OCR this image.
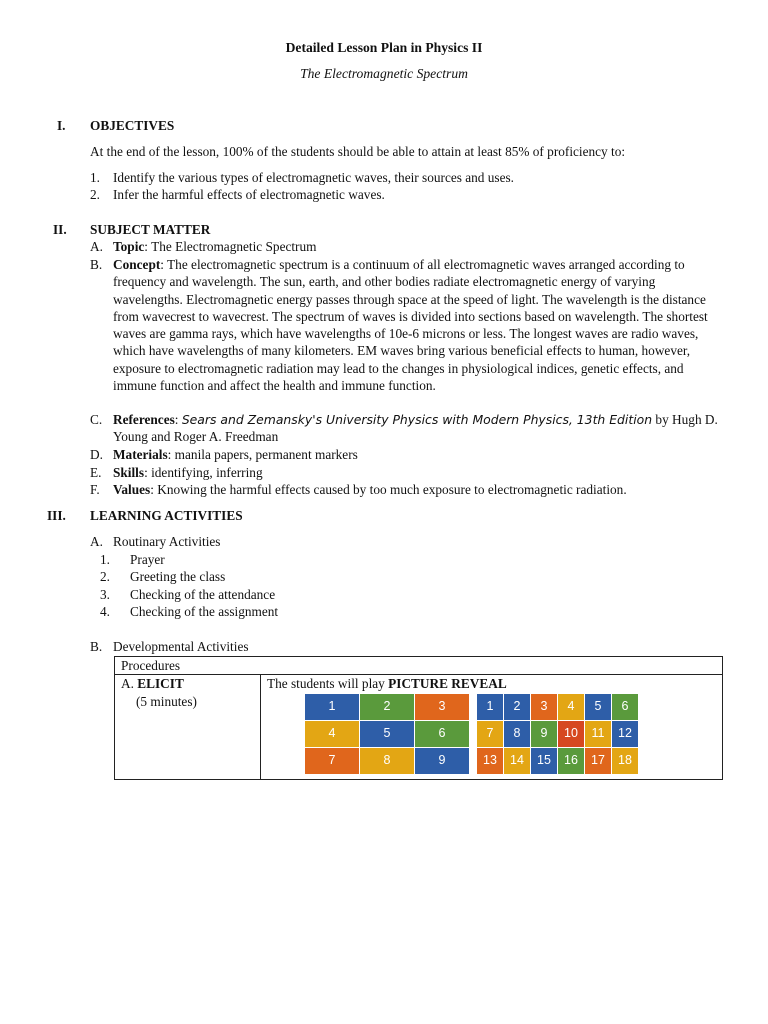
Detailed Lesson Plan in Physics II
The Electromagnetic Spectrum
I. OBJECTIVES
At the end of the lesson, 100% of the students should be able to attain at least 85% of proficiency to:
1. Identify the various types of electromagnetic waves, their sources and uses.
2. Infer the harmful effects of electromagnetic waves.
II. SUBJECT MATTER
A. Topic: The Electromagnetic Spectrum
B. Concept: The electromagnetic spectrum is a continuum of all electromagnetic waves arranged according to frequency and wavelength. The sun, earth, and other bodies radiate electromagnetic energy of varying wavelengths. Electromagnetic energy passes through space at the speed of light. The wavelength is the distance from wavecrest to wavecrest. The spectrum of waves is divided into sections based on wavelength. The shortest waves are gamma rays, which have wavelengths of 10e-6 microns or less. The longest waves are radio waves, which have wavelengths of many kilometers. EM waves bring various beneficial effects to human, however, exposure to electromagnetic radiation may lead to the changes in physiological indices, genetic effects, and immune function and affect the health and immune function.
C. References: Sears and Zemansky's University Physics with Modern Physics, 13th Edition by Hugh D. Young and Roger A. Freedman
D. Materials: manila papers, permanent markers
E. Skills: identifying, inferring
F. Values: Knowing the harmful effects caused by too much exposure to electromagnetic radiation.
III. LEARNING ACTIVITIES
A. Routinary Activities
1. Prayer
2. Greeting the class
3. Checking of the attendance
4. Checking of the assignment
B. Developmental Activities
Procedures

A. ELICIT
(5 minutes)
	The students will play PICTURE REVEAL
1	2	3
4	5	6
7	8	9
1	2	3	4	5	6
7	8	9	10	11	12
13	14	15	16	17	18
